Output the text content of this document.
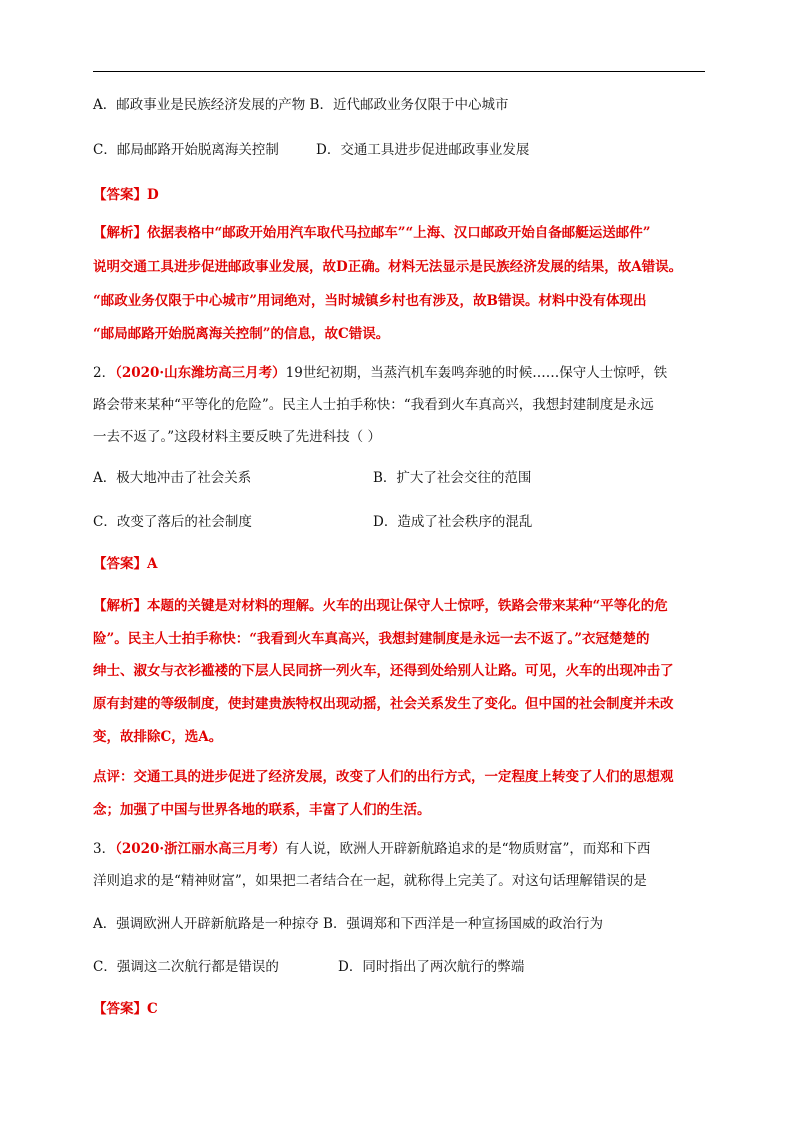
A．邮政事业是民族经济发展的产物 B．近代邮政业务仅限于中心城市
C．邮局邮路开始脱离海关控制	D．交通工具进步促进邮政事业发展
【答案】D
【解析】依据表格中“邮政开始用汽车取代马拉邮车”“上海、汉口邮政开始自备邮艇运送邮件”
说明交通工具进步促进邮政事业发展，故D正确。材料无法显示是民族经济发展的结果，故A错误。
“邮政业务仅限于中心城市”用词绝对，当时城镇乡村也有涉及，故B错误。材料中没有体现出
“邮局邮路开始脱离海关控制”的信息，故C错误。
2．（2020·山东潍坊高三月考）19世纪初期，当蒸汽机车轰鸣奔驰的时候……保守人士惊呼，铁
路会带来某种“平等化的危险”。民主人士拍手称快：“我看到火车真高兴，我想封建制度是永远
一去不返了。”这段材料主要反映了先进科技（ ）
A．极大地冲击了社会关系	B．扩大了社会交往的范围
C．改变了落后的社会制度	D．造成了社会秩序的混乱
【答案】A
【解析】本题的关键是对材料的理解。火车的出现让保守人士惊呼，铁路会带来某种“平等化的危
险”。民主人士拍手称快：“我看到火车真高兴，我想封建制度是永远一去不返了。”衣冠楚楚的
绅士、淑女与衣衫褴褛的下层人民同挤一列火车，还得到处给别人让路。可见，火车的出现冲击了
原有封建的等级制度，使封建贵族特权出现动摇，社会关系发生了变化。但中国的社会制度并未改
变，故排除C，选A。
点评：交通工具的进步促进了经济发展，改变了人们的出行方式，一定程度上转变了人们的思想观
念；加强了中国与世界各地的联系，丰富了人们的生活。
3．（2020·浙江丽水高三月考）有人说，欧洲人开辟新航路追求的是“物质财富”，而郑和下西
洋则追求的是“精神财富”，如果把二者结合在一起，就称得上完美了。对这句话理解错误的是
A．强调欧洲人开辟新航路是一种掠夺 B．强调郑和下西洋是一种宣扬国威的政治行为
C．强调这二次航行都是错误的	D．同时指出了两次航行的弊端
【答案】C
